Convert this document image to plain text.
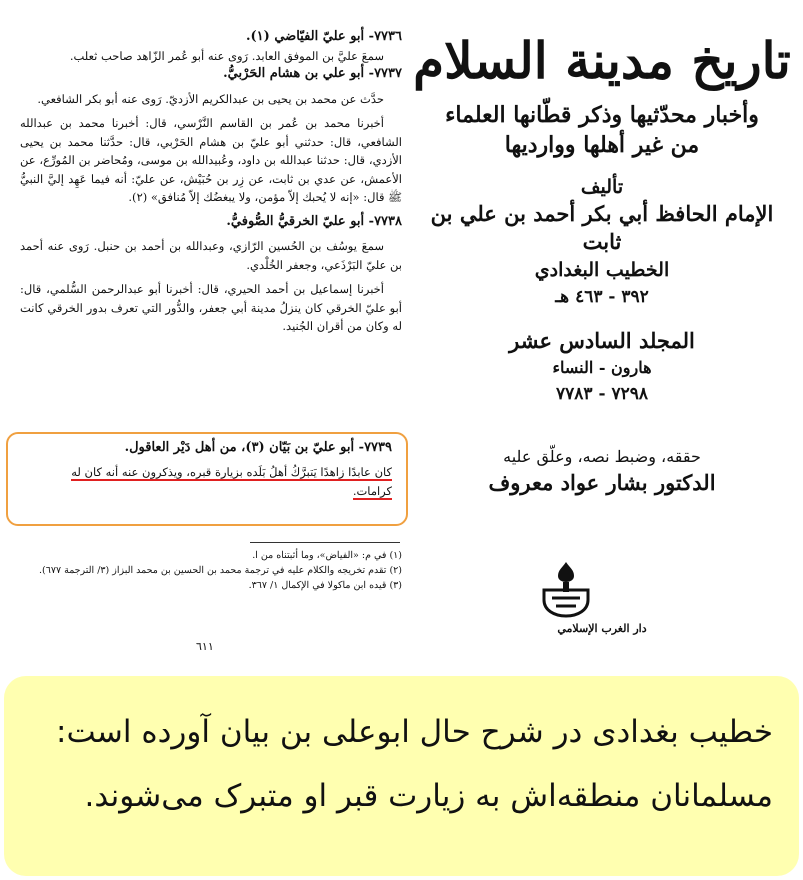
٧٧٣٦- أبو عليّ الفيّاضي (١).

سمعَ عليَّ بن الموفق العابد. رَوى عنه أبو عُمر الزّاهد صاحب ثعلب.

٧٧٣٧- أبو علي بن هشام الحَرْبيُّ.

حدَّث عن محمد بن يحيى بن عبدالكريم الأزديّ. رَوى عنه أبو بكر الشافعي.

أخبرنا محمد بن عُمر بن القاسم النَّرْسي، قال: أخبرنا محمد بن عبدالله الشافعي، قال: حدثني أبو عليّ بن هشام الحَرْبي، قال: حدَّثنا محمد بن يحيى الأزدي، قال: حدثنا عبدالله بن داود، وعُبيدالله بن موسى، ومُحاضر بن المُورِّع، عن الأعمش، عن عدي بن ثابت، عن زِر بن حُبَيْش، عن عليّ: أنه فيما عَهِد إليَّ النبيُّ ﷺ قال: «إنه لا يُحبك إلاّ مؤمن، ولا يبغضُك إلاّ مُنافق» (٢).

٧٧٣٨- أبو عليّ الخرقيُّ الصُّوفيُّ.

سمعَ يوسُف بن الحُسين الرّازي، وعبدالله بن أحمد بن حنبل. رَوى عنه أحمد بن عليّ البَرْذَعي، وجعفر الخُلْدي.

أخبرنا إسماعيل بن أحمد الحيري، قال: أخبرنا أبو عبدالرحمن السُّلمي، قال: أبو عليّ الخرقي كان ينزلُ مدينة أبي جعفر، والدُّور التي تعرف بدور الخرقي كانت له وكان من أقران الجُنيد.

٧٧٣٩- أبو عليّ بن بَيّان (٣)، من أهل دَيْر العاقول.

كان عابدًا زاهدًا يَتبرَّكُ أهلُ بَلَده بزيارة قبره، ويذكرون عنه أنه كان له

كرامات.

(١) في م: «الفياض»، وما أثبتناه من ا.

(٢) تقدم تخريجه والكلام عليه في ترجمة محمد بن الحسين بن محمد البزاز (٣/ الترجمة ٦٧٧).

(٣) قيده ابن ماكولا في الإكمال ١/ ٣٦٧.

٦١١
تاريخ مدينة السلام
وأخبار محدّثيها وذكر قطّانها العلماء
من غير أهلها ووارديها
تأليف
الإمام الحافظ أبي بكر أحمد بن علي بن ثابت
الخطيب البغدادي
٣٩٢ - ٤٦٣ هـ
المجلد السادس عشر
هارون - النساء
٧٢٩٨ - ٧٧٨٣
حققه، وضبط نصه، وعلّق عليه
الدكتور بشار عواد معروف
دار الغرب الإسلامي

خطیب بغدادی در شرح حال ابوعلی بن بیان آورده است:

مسلمانان منطقه‌اش به زیارت قبر او متبرک می‌شوند.
